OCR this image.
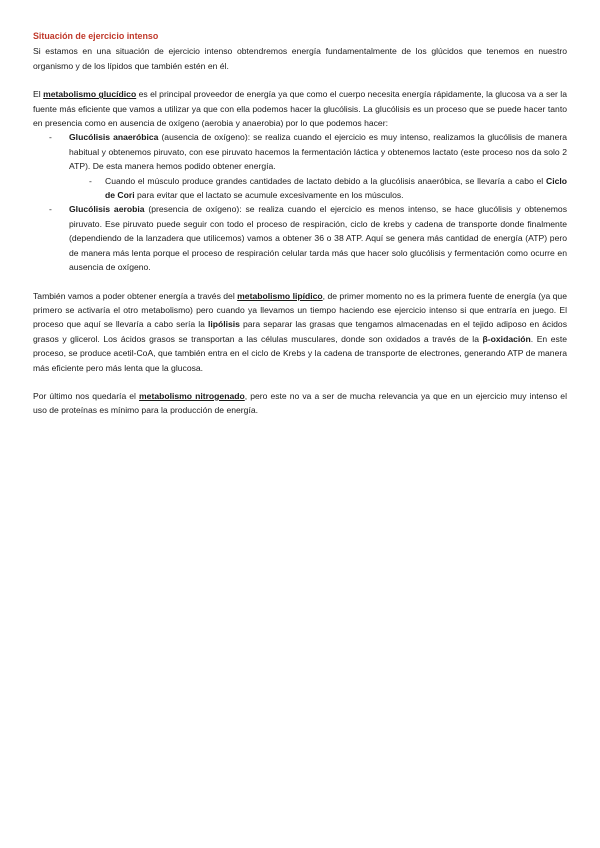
Situación de ejercicio intenso

Si estamos en una situación de ejercicio intenso obtendremos energía fundamentalmente de los glúcidos que tenemos en nuestro organismo y de los lípidos que también estén en él.

El metabolismo glucídico es el principal proveedor de energía ya que como el cuerpo necesita energía rápidamente, la glucosa va a ser la fuente más eficiente que vamos a utilizar ya que con ella podemos hacer la glucólisis. La glucólisis es un proceso que se puede hacer tanto en presencia como en ausencia de oxígeno (aerobia y anaerobia) por lo que podemos hacer:

- Glucólisis anaeróbica (ausencia de oxígeno): se realiza cuando el ejercicio es muy intenso, realizamos la glucólisis de manera habitual y obtenemos piruvato, con ese piruvato hacemos la fermentación láctica y obtenemos lactato (este proceso nos da solo 2 ATP). De esta manera hemos podido obtener energía.
- Cuando el músculo produce grandes cantidades de lactato debido a la glucólisis anaeróbica, se llevaría a cabo el Ciclo de Cori para evitar que el lactato se acumule excesivamente en los músculos.
- Glucólisis aerobia (presencia de oxígeno): se realiza cuando el ejercicio es menos intenso, se hace glucólisis y obtenemos piruvato. Ese piruvato puede seguir con todo el proceso de respiración, ciclo de krebs y cadena de transporte donde finalmente (dependiendo de la lanzadera que utilicemos) vamos a obtener 36 o 38 ATP. Aquí se genera más cantidad de energía (ATP) pero de manera más lenta porque el proceso de respiración celular tarda más que hacer solo glucólisis y fermentación como ocurre en ausencia de oxígeno.

También vamos a poder obtener energía a través del metabolismo lipídico, de primer momento no es la primera fuente de energía (ya que primero se activaría el otro metabolismo) pero cuando ya llevamos un tiempo haciendo ese ejercicio intenso si que entraría en juego. El proceso que aquí se llevaría a cabo sería la lipólisis para separar las grasas que tengamos almacenadas en el tejido adiposo en ácidos grasos y glicerol. Los ácidos grasos se transportan a las células musculares, donde son oxidados a través de la β-oxidación. En este proceso, se produce acetil-CoA, que también entra en el ciclo de Krebs y la cadena de transporte de electrones, generando ATP de manera más eficiente pero más lenta que la glucosa.

Por último nos quedaría el metabolismo nitrogenado, pero este no va a ser de mucha relevancia ya que en un ejercicio muy intenso el uso de proteínas es mínimo para la producción de energía.
